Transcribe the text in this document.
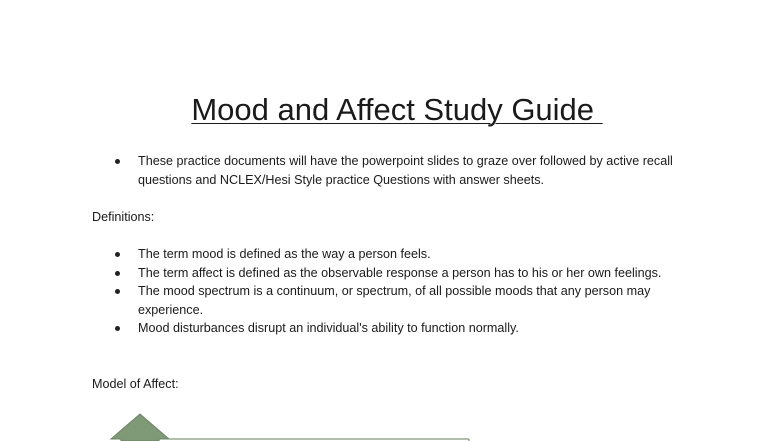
Mood and Affect Study Guide
These practice documents will have the powerpoint slides to graze over followed by active recall questions and NCLEX/Hesi Style practice Questions with answer sheets.
Definitions:
The term mood is defined as the way a person feels.
The term affect is defined as the observable response a person has to his or her own feelings.
The mood spectrum is a continuum, or spectrum, of all possible moods that any person may experience.
Mood disturbances disrupt an individual's ability to function normally.
Model of Affect:
